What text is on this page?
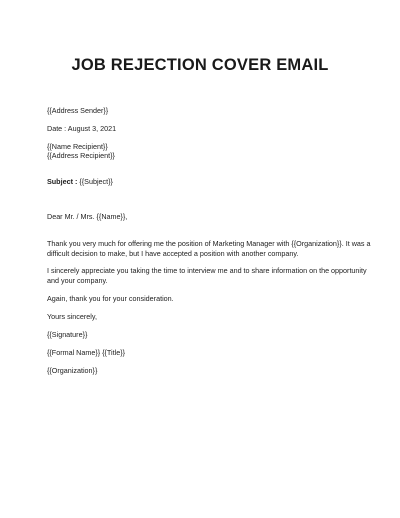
JOB REJECTION COVER EMAIL
{{Address Sender}}
Date : August 3, 2021
{{Name Recipient}}
{{Address Recipient}}
Subject : {{Subject}}
Dear Mr. / Mrs. {{Name}},
Thank you very much for offering me the position of Marketing Manager with {{Organization}}. It was a
difficult decision to make, but I have accepted a position with another company.
I sincerely appreciate you taking the time to interview me and to share information on the opportunity
and your company.
Again, thank you for your consideration.
Yours sincerely,
{{Signature}}
{{Formal Name}} {{Title}}
{{Organization}}
